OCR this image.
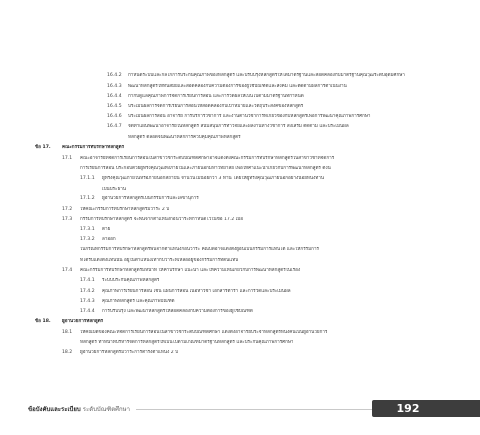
16.4.2 กำหนดระบบและกลไกการประกันคุณภาพของหลักสูตร และปรับปรุงหลักสูตรให้ได้มาตรฐานและสอดคล้องกับมาตรฐานคุณวุฒิระดับอุดมศึกษา
16.4.3 พัฒนาหลักสูตรให้ทันสมัยและสอดคล้องกับความต้องการของผู้ใช้บัณฑิตและสังคม และติดตามผลการดำเนินงาน
16.4.4 กำกับดูแลคุณภาพการจัดการเรียนการสอน และการวัดผลให้เป็นไปตามมาตรฐานที่กำหนด
16.4.5 ประเมินผลการจัดการเรียนการสอนให้สอดคล้องกับเป้าหมายและวัตถุประสงค์ของหลักสูตร
16.4.6 ประเมินผลการสอน อาจารย์ การบริการวิชาการ และงานด้านวิชาการที่เกี่ยวข้องกับหลักสูตรเพื่อการพัฒนาคุณภาพการศึกษา
16.4.7 จัดทำแผนพัฒนาอาจารย์ในหลักสูตร สนับสนุนการทำวิจัยและผลงานทางวิชาการ ส่งเสริม ติดตาม และประเมินผล
หลักสูตร ตลอดจนพัฒนาหลักการควบคุมคุณภาพหลักสูตร
ข้อ 17. คณะกรรมการที่ปรึกษาหลักสูตร
17.1 คณะอาจารย์ที่จัดการเรียนการสอนในสาขาวิชาระดับบัณฑิตศึกษาอาจแต่งตั้งคณะกรรมการที่ปรึกษาหลักสูตรในสาขาวิชาที่จัดการ
การเรียนการสอน ประกอบด้วยผู้ทรงคุณวุฒิทั้งภายในและภายนอกมหาวิทยาลัย เพื่อให้คำแนะนำเกี่ยวกับการพัฒนาหลักสูตร ดังนี้
17.1.1 ผู้ทรงคุณวุฒิภายในหรือภายนอกสถาบัน จำนวนไม่น้อยกว่า 3 ท่าน โดยให้ผู้ทรงคุณวุฒิภายนอกอย่างน้อยหนึ่งท่าน
เป็นประธาน
17.1.2 ผู้อำนวยการหลักสูตรเป็นกรรมการและเลขานุการ
17.2 ให้คณะกรรมการที่ปรึกษาหลักสูตรมีวาระ 2 ปี
17.3 กรรมการที่ปรึกษาหลักสูตร จะพ้นจากตำแหน่งก่อนวาระที่กำหนดไว้ในข้อ 17.2 เมื่อ
17.3.1 ตาย
17.3.2 ลาออก
ในกรณีที่กรรมการที่ปรึกษาหลักสูตรพ้นจากตำแหน่งก่อนวาระ คณบดีอาจแต่งตั้งผู้อื่นเป็นกรรมการแทนได้ และให้กรรมการ
ที่ได้รับแต่งตั้งแทนนั้น อยู่ในตำแหน่งเท่ากับวาระที่เหลืออยู่ของกรรมการที่ตนแทน
17.4 คณะกรรมการที่ปรึกษาหลักสูตรมีหน้าที่ ให้คำปรึกษา แนะนำ และให้ความเห็นเกี่ยวกับการพัฒนาหลักสูตรในเรื่อง
17.4.1 ระบบประกันคุณภาพหลักสูตร
17.4.2 คุณภาพการเรียนการสอน เช่น แผนการสอน เนื้อหาวิชา เอกสารตำรา และการวัดและประเมินผล
17.4.3 คุณภาพหลักสูตร และคุณภาพบัณฑิต
17.4.4 การปรับปรุง และพัฒนาหลักสูตรให้สอดคล้องกับความต้องการของผู้ใช้บัณฑิต
ข้อ 18. ผู้อำนวยการหลักสูตร
18.1 ให้คณบดีของคณะที่จัดการเรียนการสอนในสาขาวิชาระดับบัณฑิตศึกษา แต่งตั้งอาจารย์ประจำหลักสูตรหนึ่งคนเป็นผู้อำนวยการ
หลักสูตร ทำหน้าที่บริหารจัดการหลักสูตรให้เป็นไปตามเกณฑ์มาตรฐานหลักสูตร และประกันคุณภาพการศึกษา
18.2 ผู้อำนวยการหลักสูตรมีวาระการดำรงตำแหน่ง 2 ปี
ข้อบังคับและระเบียบ ระดับบัณฑิตศึกษา	192
